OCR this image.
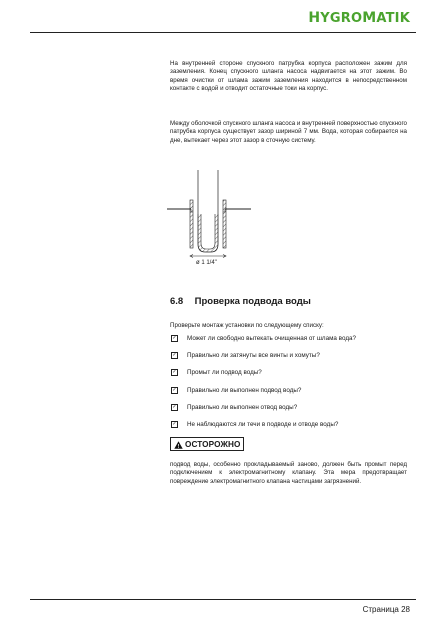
HYGROMATIK
На внутренней стороне спускного патрубка корпуса расположен зажим для заземления. Конец спускного шланга насоса надвигается на этот зажим. Во время очистки от шлама зажим заземления находится в непосредственном контакте с водой и отводит остаточные токи на корпус.
Между оболочкой спускного шланга насоса и внутренней поверхностью спускного патрубка корпуса существует зазор шириной 7 мм. Вода, которая собирается на дне, вытекает через этот зазор в сточную систему.
ø 1 1/4"
6.8 Проверка подвода воды
Проверьте монтаж установки по следующему списку:
✓ Может ли свободно вытекать очищенная от шлама вода?
✓ Правильно ли затянуты все винты и хомуты?
✓ Промыт ли подвод воды?
✓ Правильно ли выполнен подвод воды?
✓ Правильно ли выполнен отвод воды?
✓ Не наблюдаются ли течи в подводе и отводе воды?
! ОСТОРОЖНО
подвод воды, особенно прокладываемый заново, должен быть промыт перед подключением к электромагнитному клапану. Эта мера предотвращает повреждение электромагнитного клапана частицами загрязнений.
Страница 28
